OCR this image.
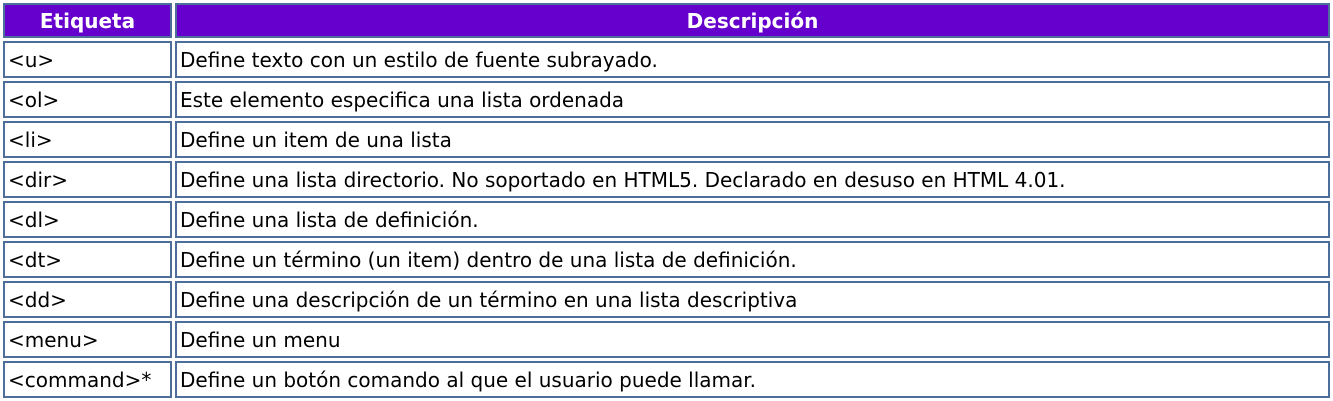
Etiqueta	Descripción
<u>	Define texto con un estilo de fuente subrayado.
<ol>	Este elemento especifica una lista ordenada
<li>	Define un item de una lista
<dir>	Define una lista directorio. No soportado en HTML5. Declarado en desuso en HTML 4.01.
<dl>	Define una lista de definición.
<dt>	Define un término (un item) dentro de una lista de definición.
<dd>	Define una descripción de un término en una lista descriptiva
<menu>	Define un menu
<command>*	Define un botón comando al que el usuario puede llamar.
